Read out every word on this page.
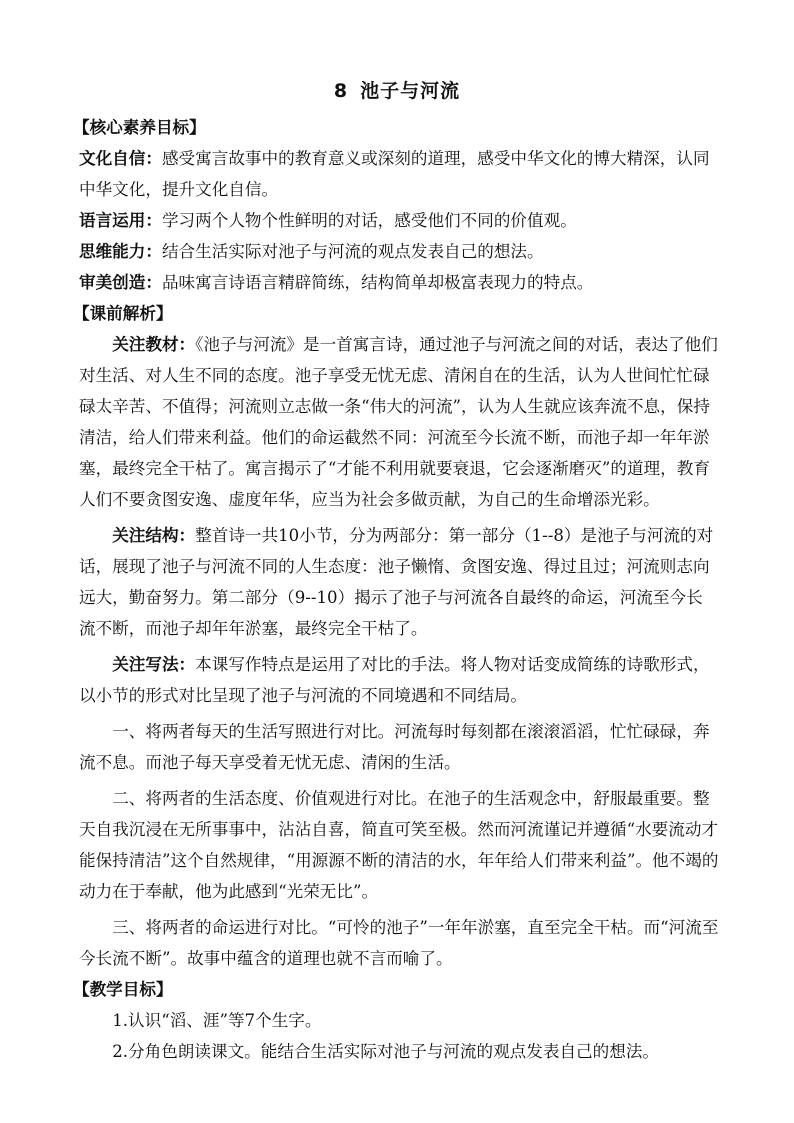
8 池子与河流

【核心素养目标】

文化自信：感受寓言故事中的教育意义或深刻的道理，感受中华文化的博大精深，认同中华文化，提升文化自信。

语言运用：学习两个人物个性鲜明的对话，感受他们不同的价值观。

思维能力：结合生活实际对池子与河流的观点发表自己的想法。

审美创造：品味寓言诗语言精辟简练，结构简单却极富表现力的特点。

【课前解析】

关注教材：《池子与河流》是一首寓言诗，通过池子与河流之间的对话，表达了他们对生活、对人生不同的态度。池子享受无忧无虑、清闲自在的生活，认为人世间忙忙碌碌太辛苦、不值得；河流则立志做一条“伟大的河流”，认为人生就应该奔流不息，保持清洁，给人们带来利益。他们的命运截然不同：河流至今长流不断，而池子却一年年淤塞，最终完全干枯了。寓言揭示了“才能不利用就要衰退，它会逐渐磨灭”的道理，教育人们不要贪图安逸、虚度年华，应当为社会多做贡献，为自己的生命增添光彩。

关注结构：整首诗一共10小节，分为两部分：第一部分（1--8）是池子与河流的对话，展现了池子与河流不同的人生态度：池子懒惰、贪图安逸、得过且过；河流则志向远大，勤奋努力。第二部分（9--10）揭示了池子与河流各自最终的命运，河流至今长流不断，而池子却年年淤塞，最终完全干枯了。

关注写法：本课写作特点是运用了对比的手法。将人物对话变成简练的诗歌形式，以小节的形式对比呈现了池子与河流的不同境遇和不同结局。

一、将两者每天的生活写照进行对比。河流每时每刻都在滚滚滔滔，忙忙碌碌，奔流不息。而池子每天享受着无忧无虑、清闲的生活。

二、将两者的生活态度、价值观进行对比。在池子的生活观念中，舒服最重要。整天自我沉浸在无所事事中，沾沾自喜，简直可笑至极。然而河流谨记并遵循“水要流动才能保持清洁”这个自然规律，“用源源不断的清洁的水，年年给人们带来利益”。他不竭的动力在于奉献，他为此感到“光荣无比”。

三、将两者的命运进行对比。“可怜的池子”一年年淤塞，直至完全干枯。而“河流至今长流不断”。故事中蕴含的道理也就不言而喻了。

【教学目标】

1.认识“滔、涯”等7个生字。

2.分角色朗读课文。能结合生活实际对池子与河流的观点发表自己的想法。
